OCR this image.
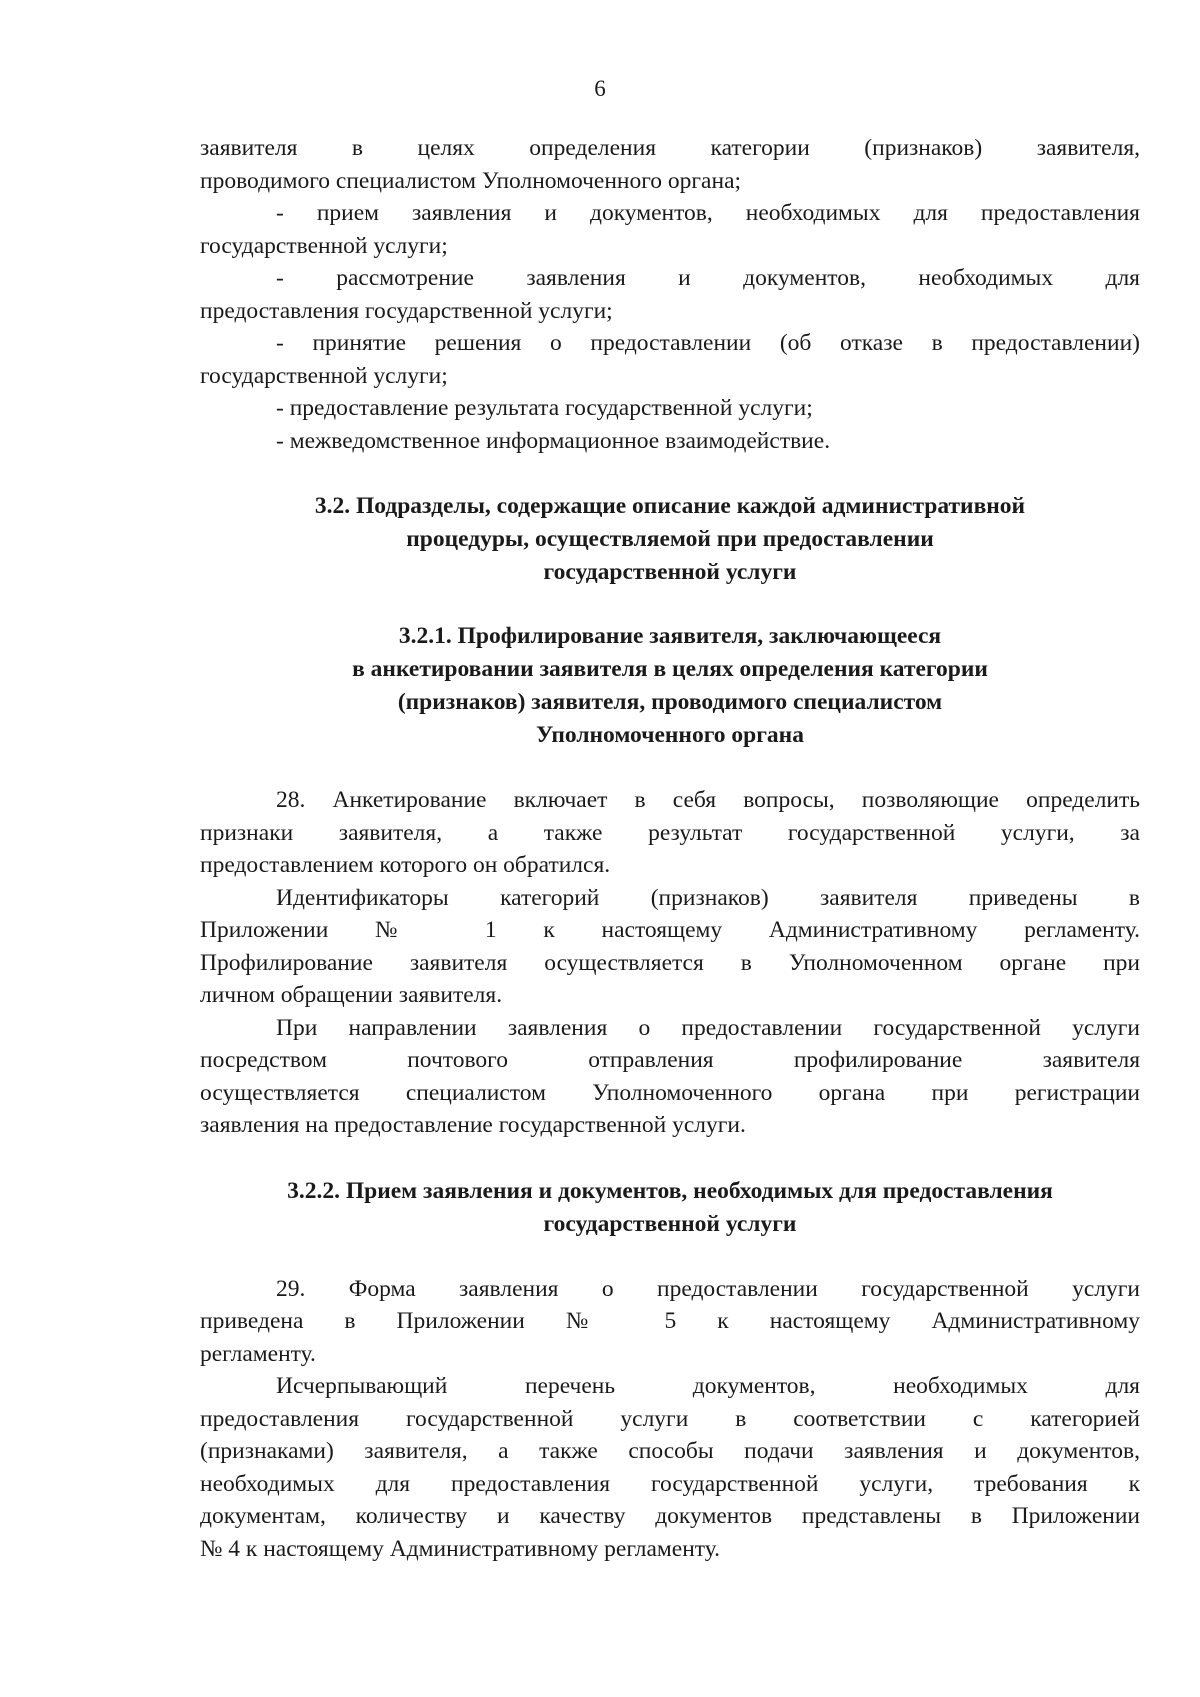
6
заявителя в целях определения категории (признаков) заявителя,
проводимого специалистом Уполномоченного органа;
- прием заявления и документов, необходимых для предоставления
государственной услуги;
- рассмотрение заявления и документов, необходимых для
предоставления государственной услуги;
- принятие решения о предоставлении (об отказе в предоставлении)
государственной услуги;
- предоставление результата государственной услуги;
- межведомственное информационное взаимодействие.
3.2. Подразделы, содержащие описание каждой административной
процедуры, осуществляемой при предоставлении
государственной услуги
3.2.1. Профилирование заявителя, заключающееся
в анкетировании заявителя в целях определения категории
(признаков) заявителя, проводимого специалистом
Уполномоченного органа
28. Анкетирование включает в себя вопросы, позволяющие определить
признаки заявителя, а также результат государственной услуги, за
предоставлением которого он обратился.
Идентификаторы категорий (признаков) заявителя приведены в
Приложении № 1 к настоящему Административному регламенту.
Профилирование заявителя осуществляется в Уполномоченном органе при
личном обращении заявителя.
При направлении заявления о предоставлении государственной услуги
посредством почтового отправления профилирование заявителя
осуществляется специалистом Уполномоченного органа при регистрации
заявления на предоставление государственной услуги.
3.2.2. Прием заявления и документов, необходимых для предоставления
государственной услуги
29. Форма заявления о предоставлении государственной услуги
приведена в Приложении № 5 к настоящему Административному
регламенту.
Исчерпывающий перечень документов, необходимых для
предоставления государственной услуги в соответствии с категорией
(признаками) заявителя, а также способы подачи заявления и документов,
необходимых для предоставления государственной услуги, требования к
документам, количеству и качеству документов представлены в Приложении
№ 4 к настоящему Административному регламенту.
